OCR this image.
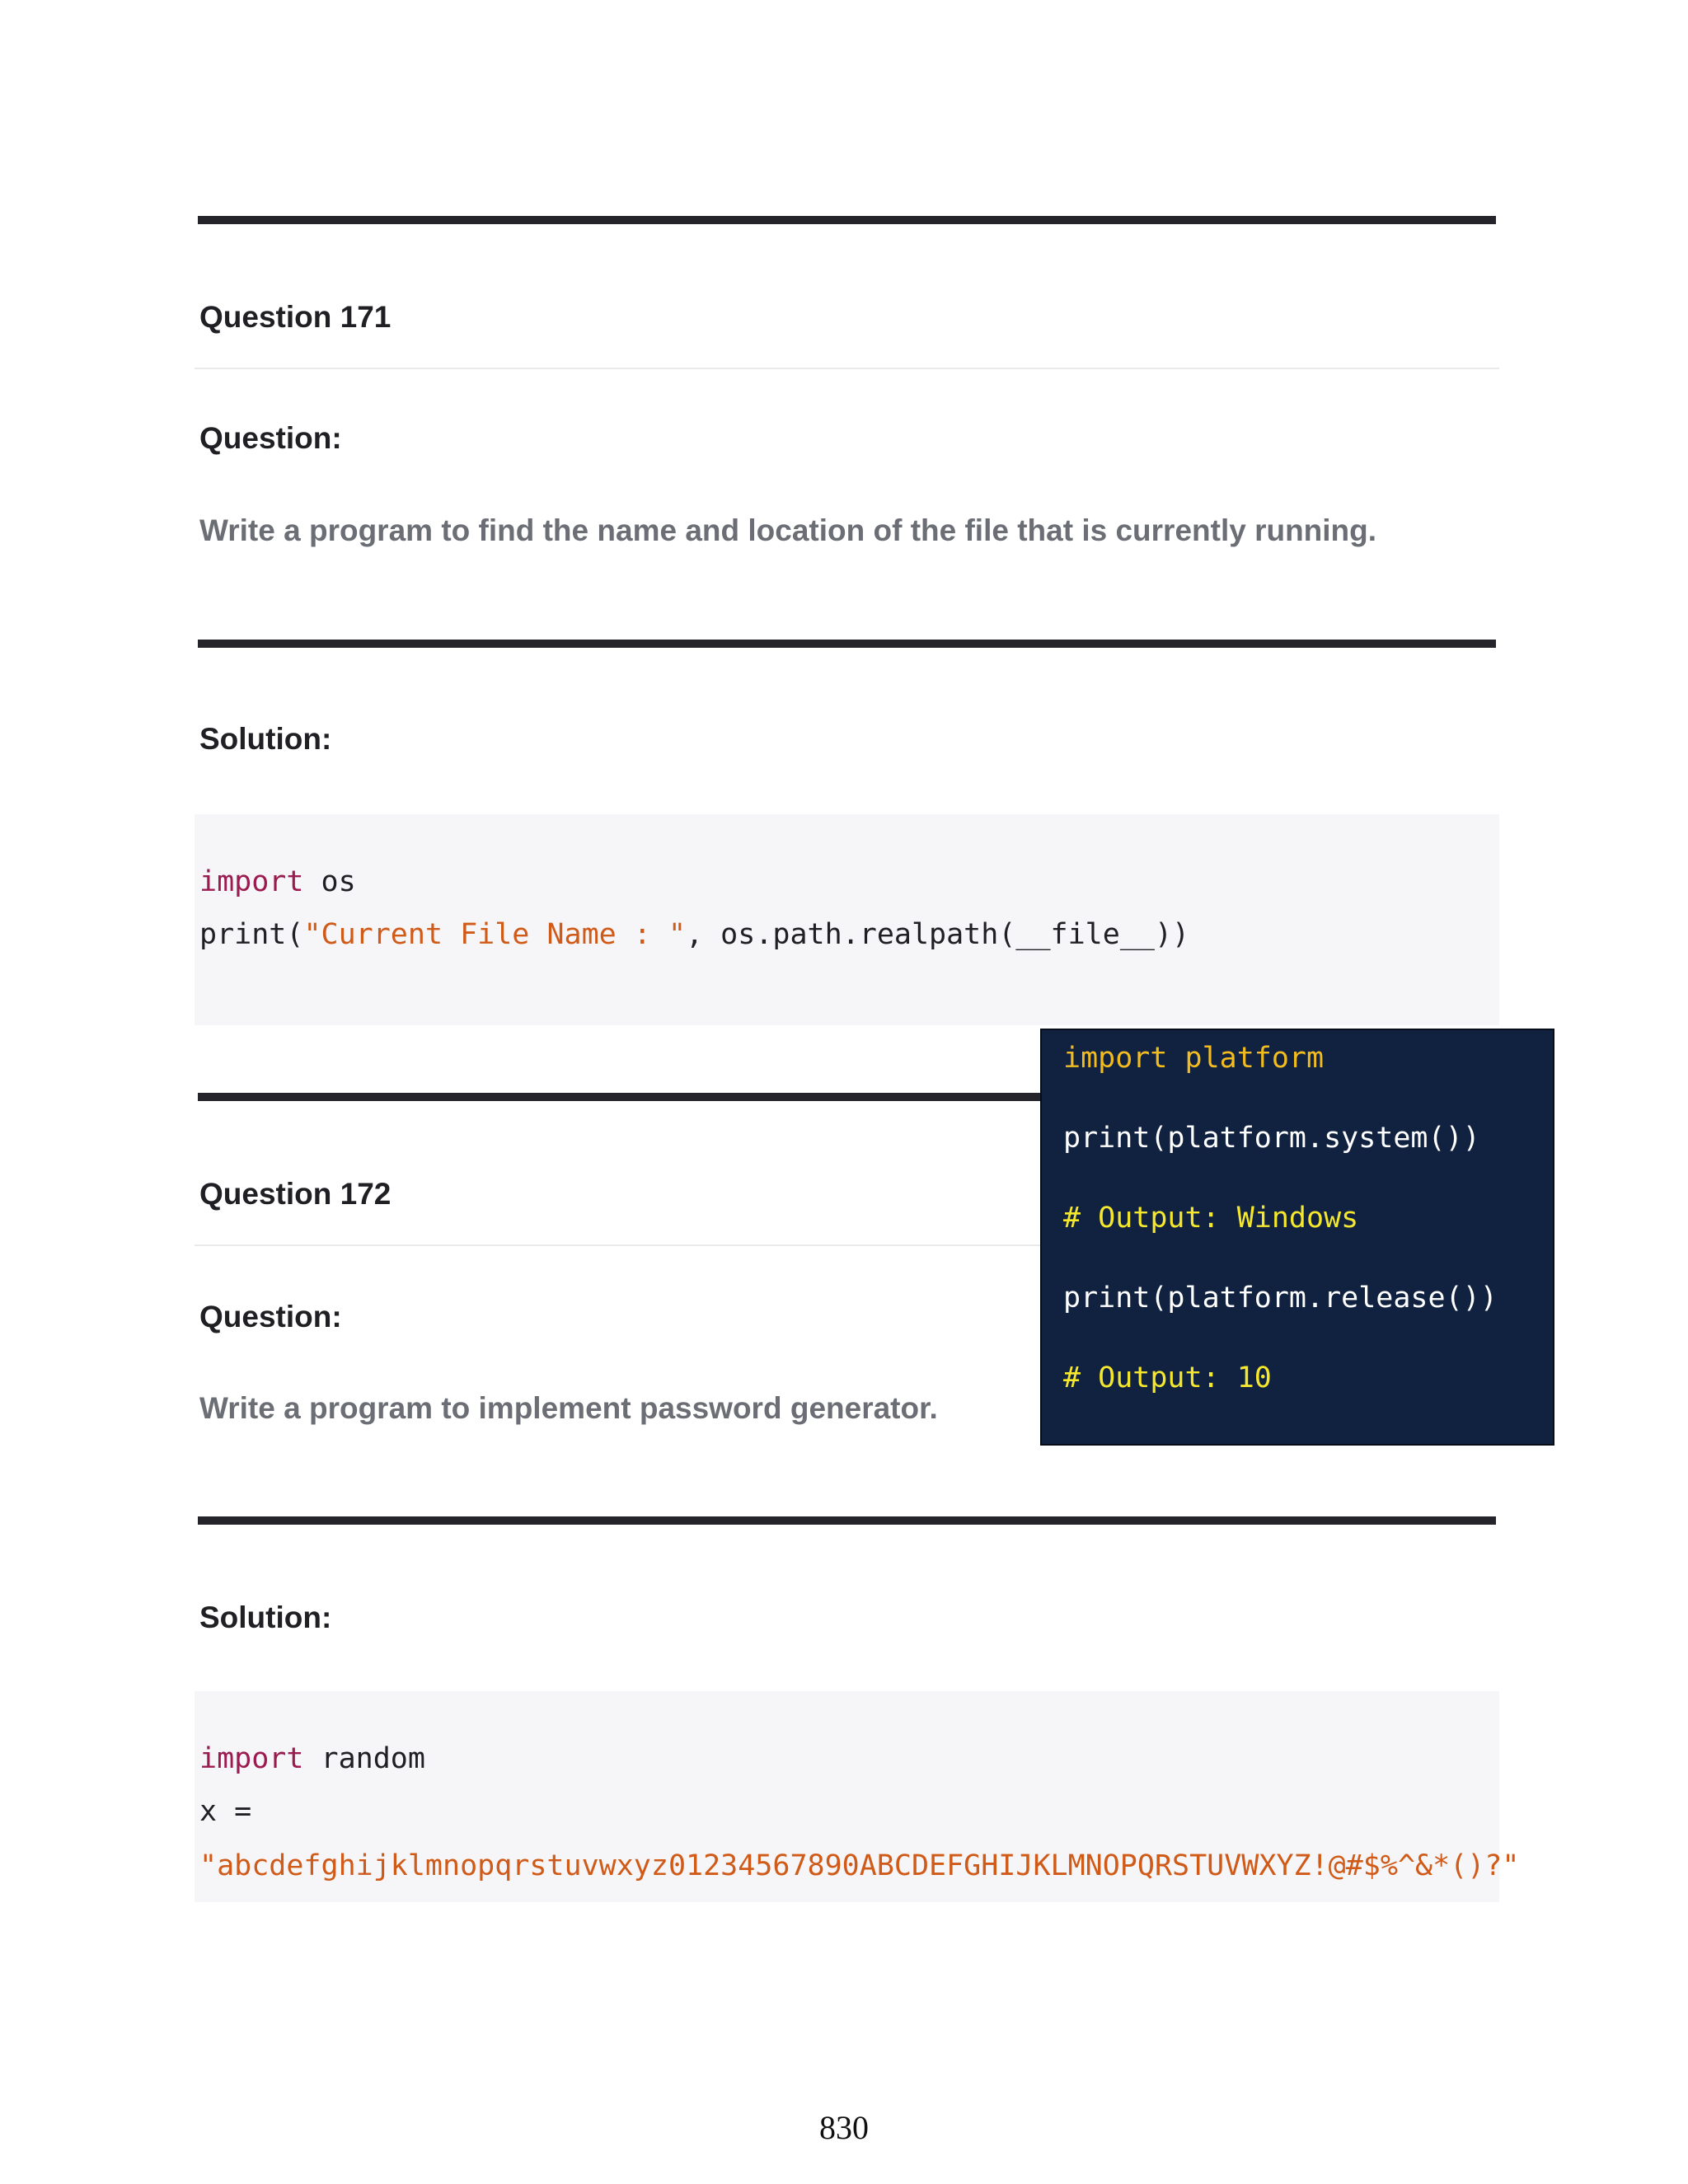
Question 171
Question:
Write a program to find the name and location of the file that is currently running.
Solution:
import os
print("Current File Name : ", os.path.realpath(__file__))
Question 172
Question:
Write a program to implement password generator.
Solution:
import random
x =
"abcdefghijklmnopqrstuvwxyz01234567890ABCDEFGHIJKLMNOPQRSTUVWXYZ!@#$%^&*()?"
import platform
print(platform.system())
# Output: Windows
print(platform.release())
# Output: 10
830
